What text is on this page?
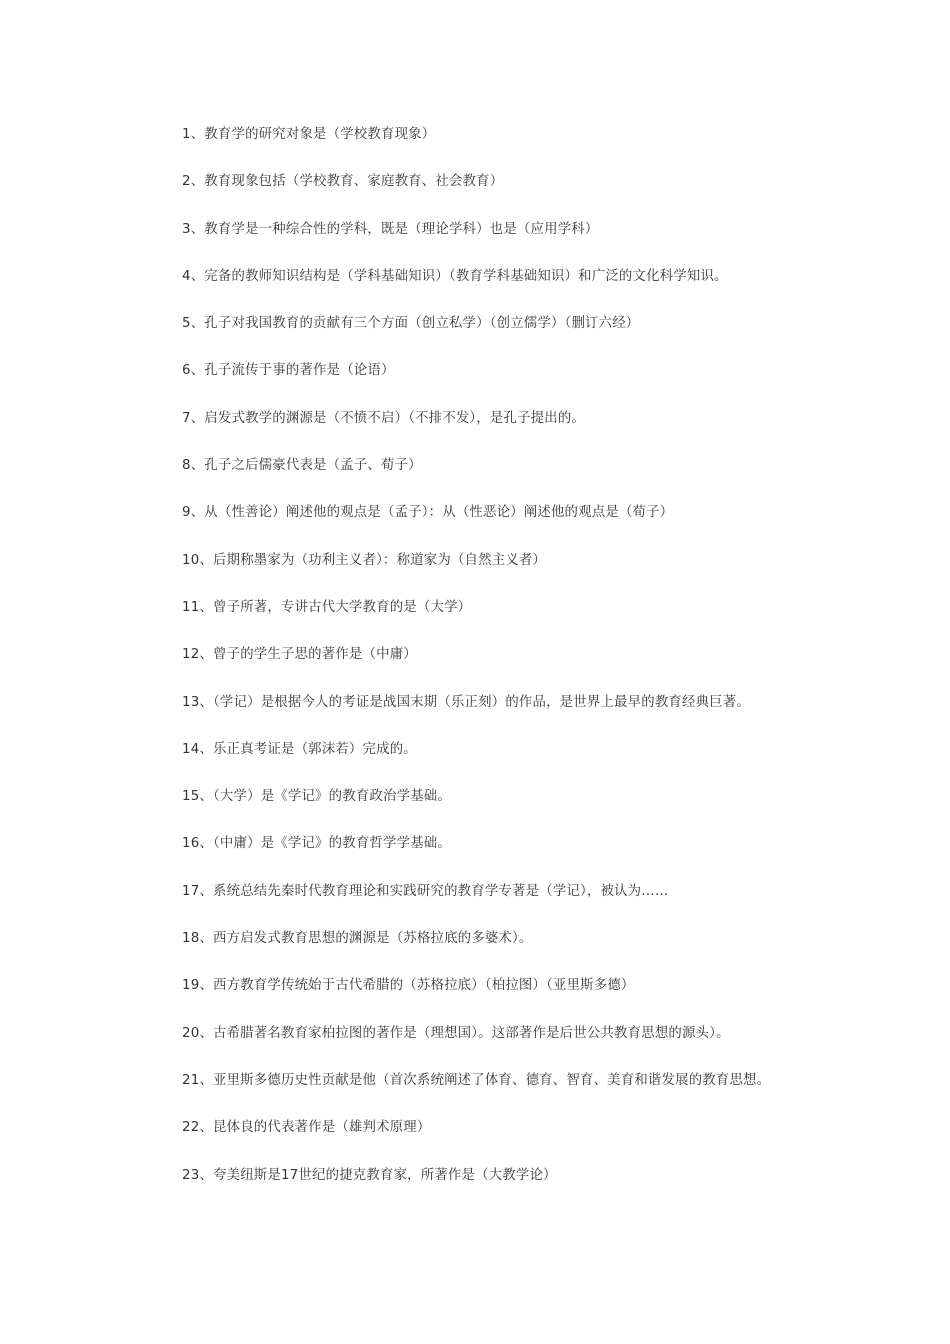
1、教育学的研究对象是（学校教育现象）
2、教育现象包括（学校教育、家庭教育、社会教育）
3、教育学是一种综合性的学科，既是（理论学科）也是（应用学科）
4、完备的教师知识结构是（学科基础知识）（教育学科基础知识）和广泛的文化科学知识。
5、孔子对我国教育的贡献有三个方面（创立私学）（创立儒学）（删订六经）
6、孔子流传于事的著作是（论语）
7、启发式教学的渊源是（不愤不启）（不排不发），是孔子提出的。
8、孔子之后儒豪代表是（孟子、荀子）
9、从（性善论）阐述他的观点是（孟子）：从（性恶论）阐述他的观点是（荀子）
10、后期称墨家为（功利主义者）：称道家为（自然主义者）
11、曾子所著，专讲古代大学教育的是（大学）
12、曾子的学生子思的著作是（中庸）
13、（学记）是根据今人的考证是战国末期（乐正刻）的作品，是世界上最早的教育经典巨著。
14、乐正真考证是（郭沫若）完成的。
15、（大学）是《学记》的教育政治学基础。
16、（中庸）是《学记》的教育哲学学基础。
17、系统总结先秦时代教育理论和实践研究的教育学专著是（学记），被认为……
18、西方启发式教育思想的渊源是（苏格拉底的多婆术）。
19、西方教育学传统始于古代希腊的（苏格拉底）（柏拉图）（亚里斯多德）
20、古希腊著名教育家柏拉图的著作是（理想国）。这部著作是后世公共教育思想的源头）。
21、亚里斯多德历史性贡献是他（首次系统阐述了体育、德育、智育、美育和谐发展的教育思想。
22、昆体良的代表著作是（雄判术原理）
23、夸美纽斯是17世纪的捷克教育家，所著作是（大教学论）
